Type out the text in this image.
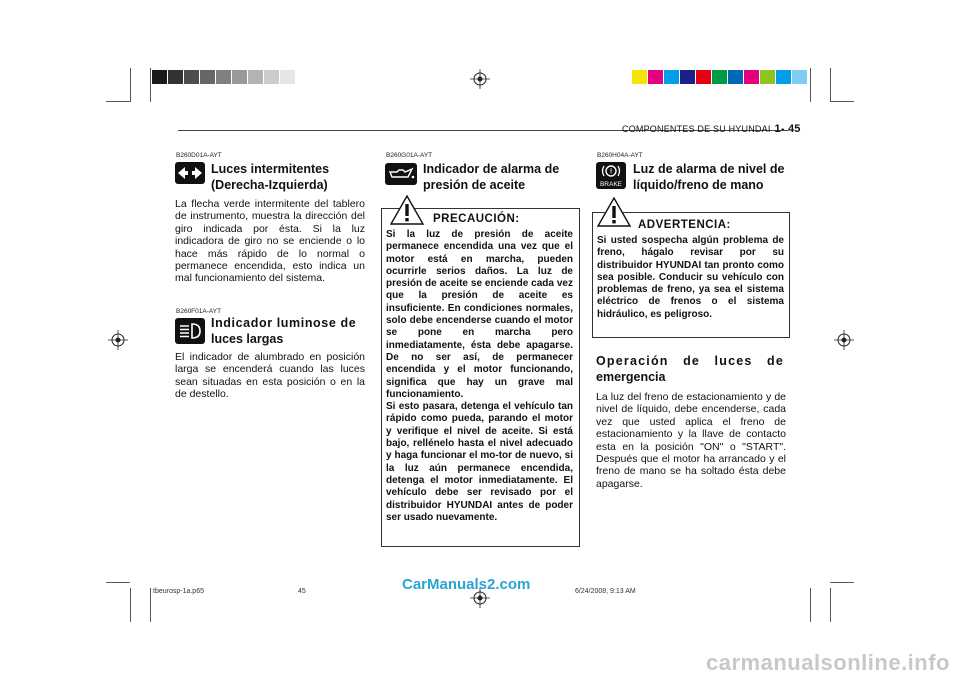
COMPONENTES DE SU HYUNDAI 1- 45
B260D01A-AYT
Luces intermitentes
(Derecha-Izquierda)
La flecha verde intermitente del tablero de instrumento, muestra la dirección del giro indicada por ésta. Si la luz indicadora de giro no se enciende o lo hace más rápido de lo normal o permanece encendida, esto indica un mal funcionamiento del sistema.
B260F01A-AYT
Indicador luminose de
luces largas
El indicador de alumbrado en posición larga se encenderá cuando las luces sean situadas en esta posición o en la de destello.
B260G01A-AYT
Indicador de alarma de
presión de aceite
PRECAUCIÓN:
Si la luz de presión de aceite permanece encendida una vez que el motor está en marcha, pueden ocurrirle serios daños. La luz de presión de aceite se enciende cada vez que la presión de aceite es insuficiente. En condiciones normales, solo debe encenderse cuando el motor se pone en marcha pero inmediatamente, ésta debe apagarse. De no ser así, de permanecer encendida y el motor funcionando, significa que hay un grave mal funcionamiento.
Si esto pasara, detenga el vehículo tan rápido como pueda, parando el motor y verifique el nivel de aceite. Si está bajo, rellénelo hasta el nivel adecuado y haga funcionar el mo-tor de nuevo, si la luz aún permanece encendida, detenga el motor inmediatamente. El vehículo debe ser revisado por el distribuidor HYUNDAI antes de poder ser usado nuevamente.
B260H04A-AYT
!
BRAKE
Luz de alarma de nivel de
líquido/freno de mano
ADVERTENCIA:
Si usted sospecha algún problema de freno, hágalo revisar por su distribuidor HYUNDAI tan pronto como sea posible. Conducir su vehículo con problemas de freno, ya sea el sistema eléctrico de frenos o el sistema hidráulico, es peligroso.
Operación de luces de
emergencia
La luz del freno de estacionamiento y de nivel de líquido, debe encenderse, cada vez que usted aplica el freno de estacionamiento y la llave de contacto esta en la posición "ON" o "START". Después que el motor ha arrancado y el freno de mano se ha soltado ésta debe apagarse.
tbeurosp-1a.p65	45	6/24/2008, 9:13 AM
CarManuals2.com
carmanualsonline.info
